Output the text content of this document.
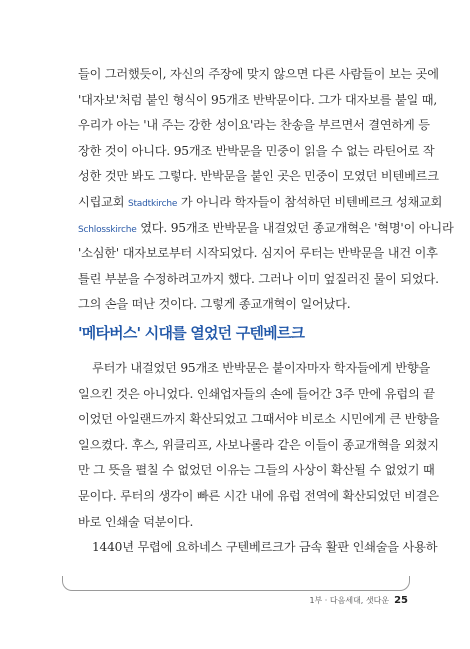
들이 그러했듯이, 자신의 주장에 맞지 않으면 다른 사람들이 보는 곳에
'대자보'처럼 붙인 형식이 95개조 반박문이다. 그가 대자보를 붙일 때,
우리가 아는 '내 주는 강한 성이요'라는 찬송을 부르면서 결연하게 등
장한 것이 아니다. 95개조 반박문을 민중이 읽을 수 없는 라틴어로 작
성한 것만 봐도 그렇다. 반박문을 붙인 곳은 민중이 모였던 비텐베르크
시립교회 Stadtkirche 가 아니라 학자들이 참석하던 비텐베르크 성채교회
Schlosskirche 였다. 95개조 반박문을 내걸었던 종교개혁은 '혁명'이 아니라
'소심한' 대자보로부터 시작되었다. 심지어 루터는 반박문을 내건 이후
틀린 부분을 수정하려고까지 했다. 그러나 이미 엎질러진 물이 되었다.
그의 손을 떠난 것이다. 그렇게 종교개혁이 일어났다.
'메타버스' 시대를 열었던 구텐베르크
루터가 내걸었던 95개조 반박문은 붙이자마자 학자들에게 반향을
일으킨 것은 아니었다. 인쇄업자들의 손에 들어간 3주 만에 유럽의 끝
이었던 아일랜드까지 확산되었고 그때서야 비로소 시민에게 큰 반향을
일으켰다. 후스, 위클리프, 사보나롤라 같은 이들이 종교개혁을 외쳤지
만 그 뜻을 펼칠 수 없었던 이유는 그들의 사상이 확산될 수 없었기 때
문이다. 루터의 생각이 빠른 시간 내에 유럽 전역에 확산되었던 비결은
바로 인쇄술 덕분이다.
1440년 무렵에 요하네스 구텐베르크가 금속 활판 인쇄술을 사용하
1부 · 다음세대, 샛다운 25
